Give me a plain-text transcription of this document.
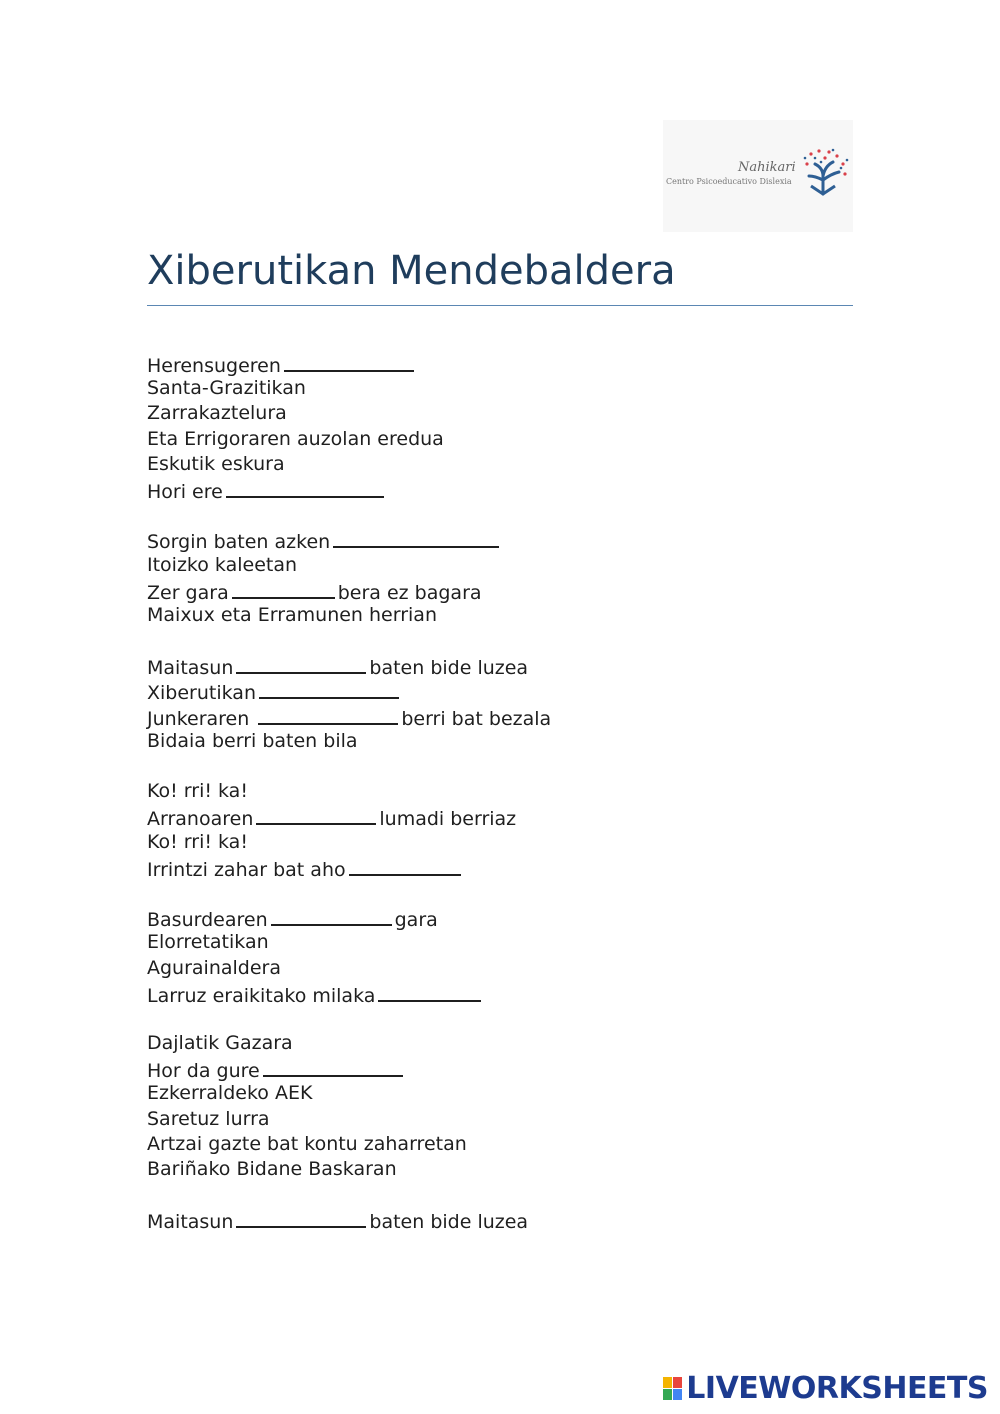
Nahikari
Centro Psicoeducativo Dislexia
Xiberutikan Mendebaldera
Herensugeren
Santa-Grazitikan
Zarrakaztelura
Eta Errigoraren auzolan eredua
Eskutik eskura
Hori ere
Sorgin baten azken
Itoizko kaleetan
Zer gara	bera ez bagara
Maixux eta Erramunen herrian
Maitasun	baten bide luzea
Xiberutikan
Junkeraren	berri bat bezala
Bidaia berri baten bila
Ko! rri! ka!
Arranoaren	lumadi berriaz
Ko! rri! ka!
Irrintzi zahar bat aho
Basurdearen	gara
Elorretatikan
Agurainaldera
Larruz eraikitako milaka
Dajlatik Gazara
Hor da gure
Ezkerraldeko AEK
Saretuz lurra
Artzai gazte bat kontu zaharretan
Bariñako Bidane Baskaran
Maitasun	baten bide luzea
LIVEWORKSHEETS
